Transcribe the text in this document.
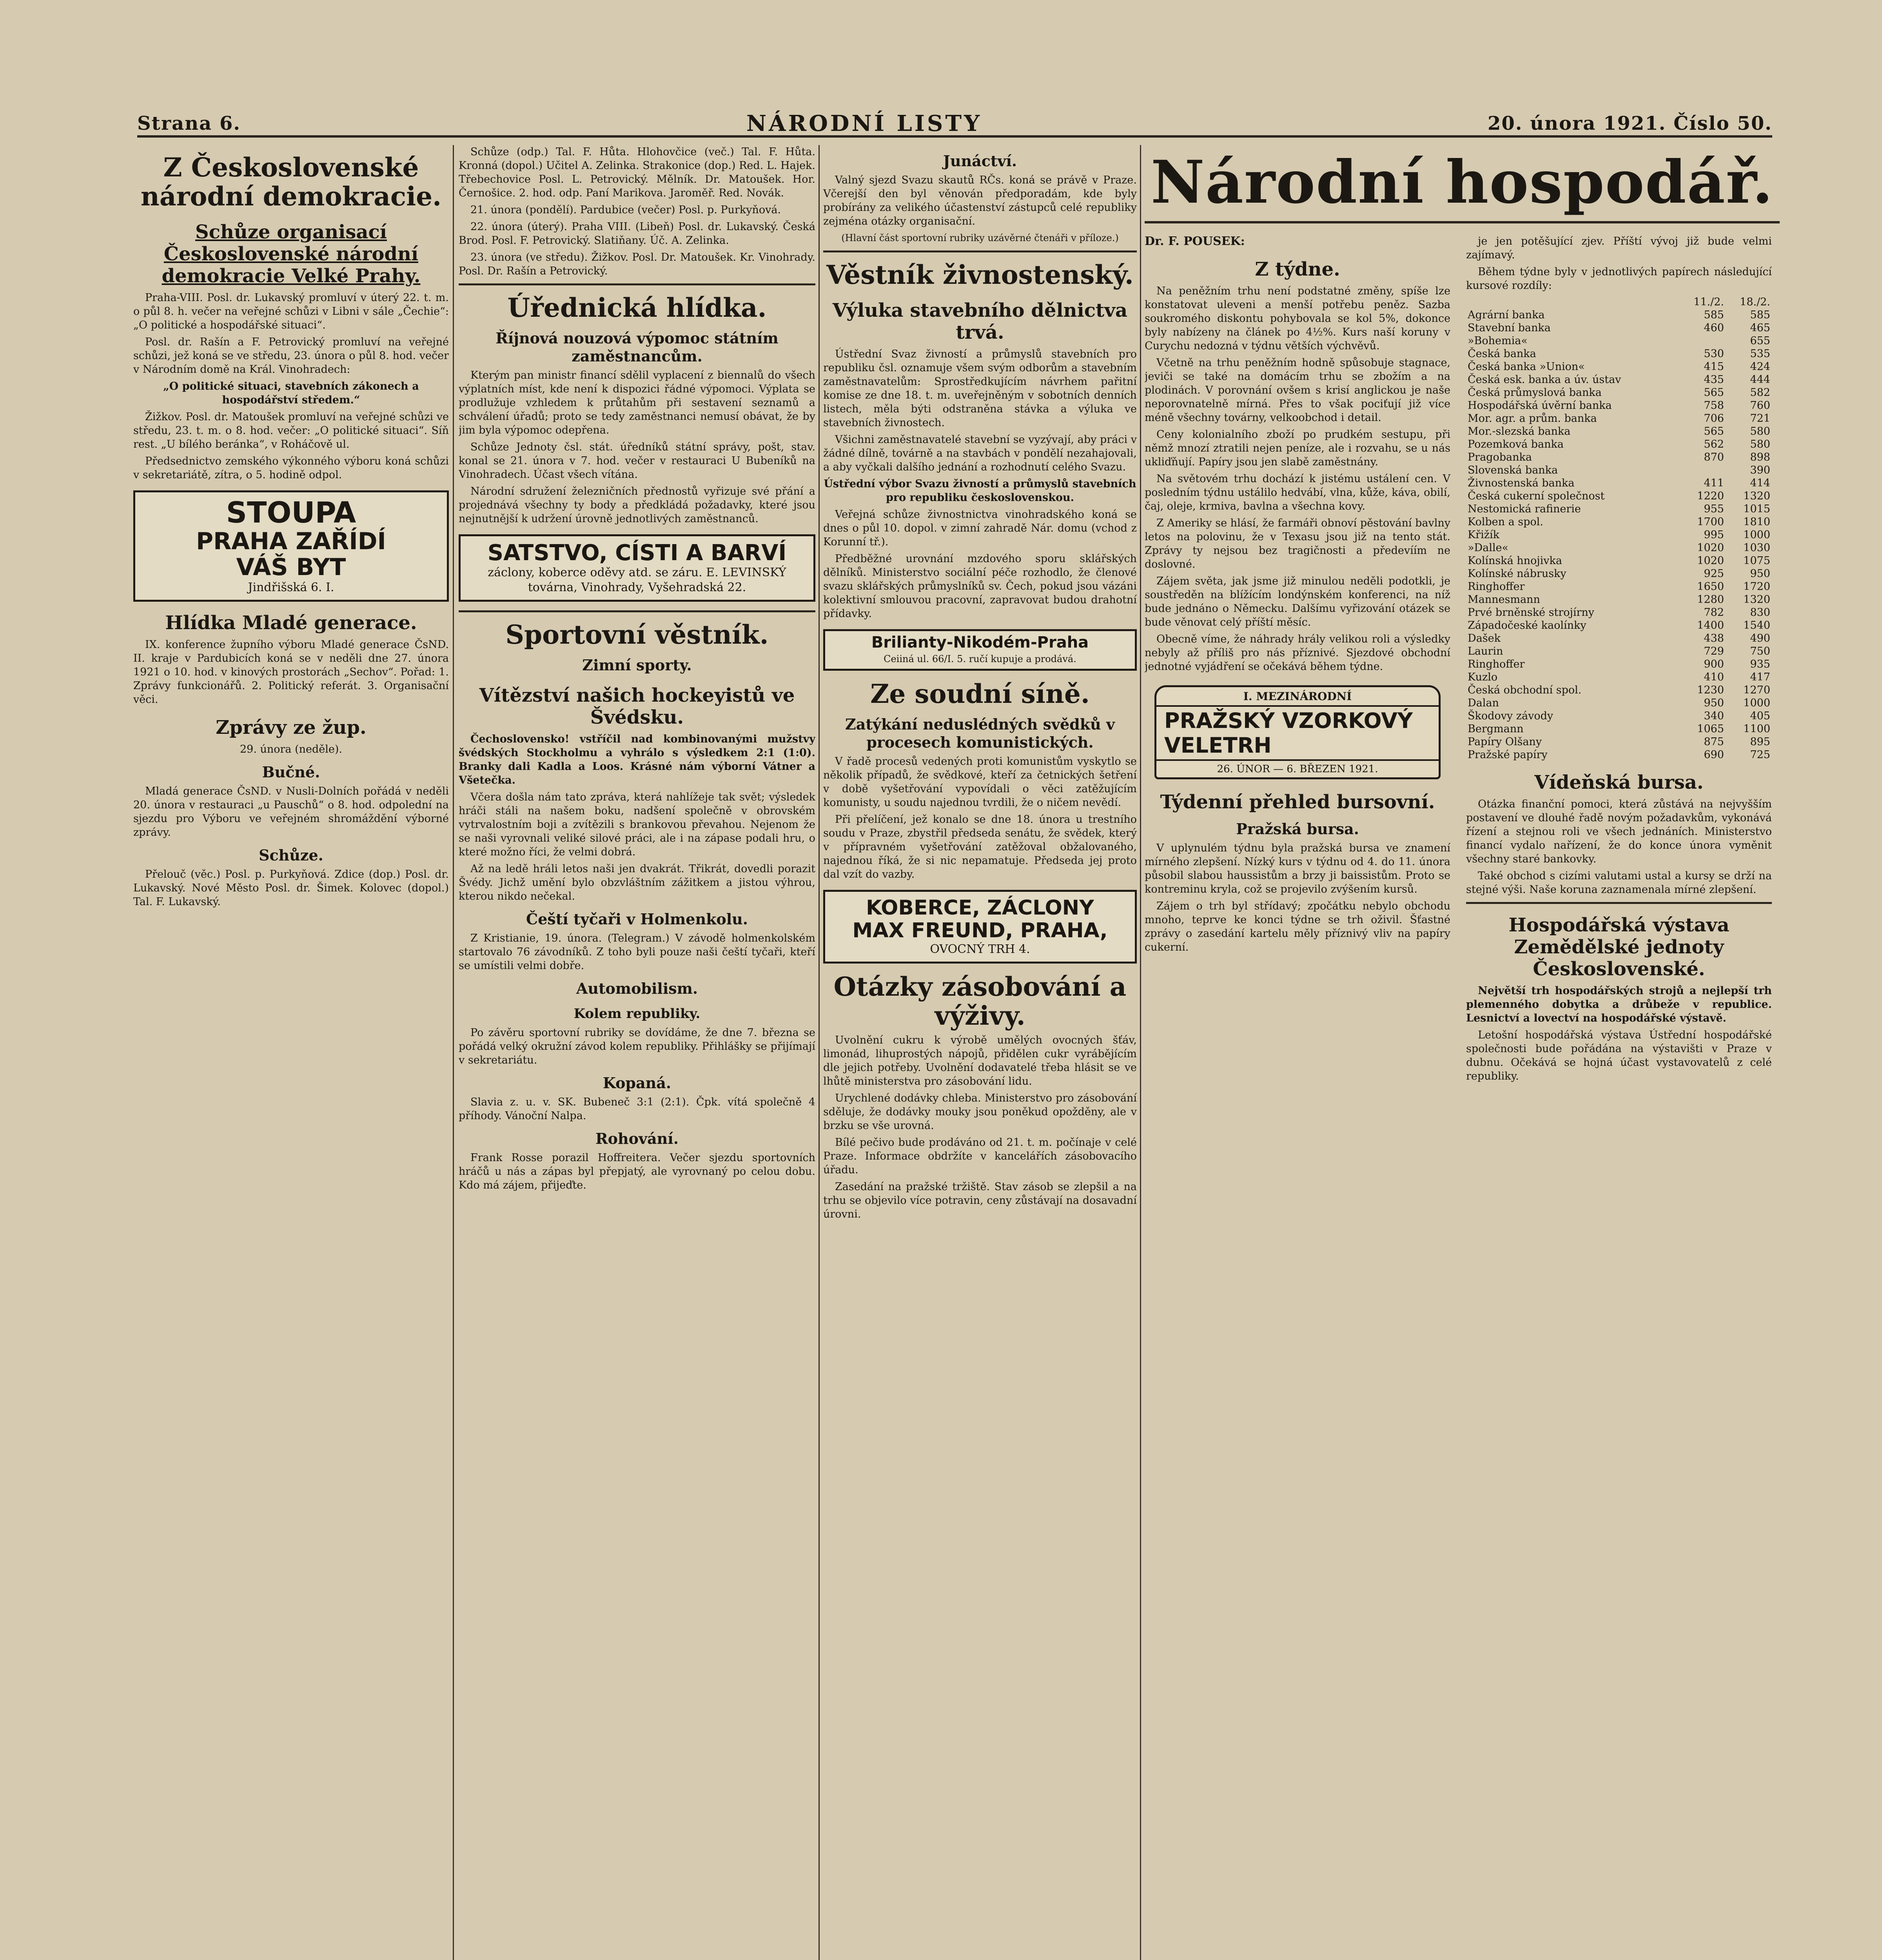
Strana 6.	NÁRODNÍ LISTY	20. února 1921. Číslo 50.
Z Československé národní demokracie.
Schůze organisací Československé národní demokracie Velké Prahy.

Praha-VIII. Posl. dr. Lukavský promluví v úterý 22. t. m. o půl 8. h. večer na veřejné schůzi v Libni v sále „Čechie“: „O politické a hospodářské situaci“.

Posl. dr. Rašín a F. Petrovický promluví na veřejné schůzi, jež koná se ve středu, 23. února o půl 8. hod. večer v Národním domě na Král. Vinohradech:

„O politické situaci, stavebních zákonech a hospodářství středem.“

Žižkov. Posl. dr. Matoušek promluví na veřejné schůzi ve středu, 23. t. m. o 8. hod. večer: „O politické situaci“. Síň rest. „U bílého beránka“, v Roháčově ul.

Předsednictvo zemského výkonného výboru koná schůzi v sekretariátě, zítra, o 5. hodině odpol.

STOUPA
PRAHA ZAŘÍDÍ
VÁŠ BYT
Jindřišská 6. I.
Hlídka Mladé generace.

IX. konference župního výboru Mladé generace ČsND. II. kraje v Pardubicích koná se v neděli dne 27. února 1921 o 10. hod. v kinových prostorách „Sechov“. Pořad: 1. Zprávy funkcionářů. 2. Politický referát. 3. Organisační věci.

Zprávy ze žup.

29. února (neděle).

Bučné.

Mladá generace ČsND. v Nusli-Dolních pořádá v neděli 20. února v restauraci „u Pauschů“ o 8. hod. odpolední na sjezdu pro Výboru ve veřejném shromáždění výborné zprávy.

Schůze.

Přelouč (věc.) Posl. p. Purkyňová. Zdice (dop.) Posl. dr. Lukavský. Nové Město Posl. dr. Šimek. Kolovec (dopol.) Tal. F. Lukavský.

Schůze (odp.) Tal. F. Hůta. Hlohovčice (več.) Tal. F. Hůta. Kronná (dopol.) Učitel A. Zelinka. Strakonice (dop.) Red. L. Hajek. Třebechovice Posl. L. Petrovický. Mělník. Dr. Matoušek. Hor. Černošice. 2. hod. odp. Paní Marikova. Jaroměř. Red. Novák.

21. února (pondělí). Pardubice (večer) Posl. p. Purkyňová.

22. února (úterý). Praha VIII. (Libeň) Posl. dr. Lukavský. Česká Brod. Posl. F. Petrovický. Slatiňany. Úč. A. Zelinka.

23. února (ve středu). Žižkov. Posl. Dr. Matoušek. Kr. Vinohrady. Posl. Dr. Rašín a Petrovický.

Úřednická hlídka.
Říjnová nouzová výpomoc státním zaměstnancům.

Kterým pan ministr financí sdělil vyplacení z biennalů do všech výplatních míst, kde není k dispozici řádné výpomoci. Výplata se prodlužuje vzhledem k průtahům při sestavení seznamů a schválení úřadů; proto se tedy zaměstnanci nemusí obávat, že by jim byla výpomoc odepřena.

Schůze Jednoty čsl. stát. úředníků státní správy, pošt, stav. konal se 21. února v 7. hod. večer v restauraci U Bubeníků na Vinohradech. Účast všech vítána.

Národní sdružení železničních přednostů vyřizuje své přání a projednává všechny ty body a předkládá požadavky, které jsou nejnutnější k udržení úrovně jednotlivých zaměstnanců.

SATSTVO, CÍSTI A BARVÍ
záclony, koberce oděvy atd. se záru. E. LEVINSKÝ
továrna, Vinohrady, Vyšehradská 22.
Sportovní věstník.
Zimní sporty.
Vítězství našich hockeyistů ve Švédsku.

Čechoslovensko! vstříčil nad kombinovanými mužstvy švédských Stockholmu a vyhrálo s výsledkem 2:1 (1:0). Branky dali Kadla a Loos. Krásné nám výborní Vátner a Všetečka.

Včera došla nám tato zpráva, která nahlížeje tak svět; výsledek hráči stáli na našem boku, nadšení společně v obrovském vytrvalostním boji a zvítězili s brankovou převahou. Nejenom že se naši vyrovnali veliké silové práci, ale i na zápase podali hru, o které možno říci, že velmi dobrá.

Až na ledě hráli letos naši jen dvakrát. Třikrát, dovedli porazit Švédy. Jichž umění bylo obzvláštním zážitkem a jistou výhrou, kterou nikdo nečekal.

Čeští tyčaři v Holmenkolu.

Z Kristianie, 19. února. (Telegram.) V závodě holmenkolském startovalo 76 závodníků. Z toho byli pouze naši čeští tyčaři, kteří se umístili velmi dobře.

Automobilism.
Kolem republiky.

Po závěru sportovní rubriky se dovídáme, že dne 7. března se pořádá velký okružní závod kolem republiky. Přihlášky se přijímají v sekretariátu.

Kopaná.

Slavia z. u. v. SK. Bubeneč 3:1 (2:1). Čpk. vítá společně 4 příhody. Vánoční Nalpa.

Rohování.

Frank Rosse porazil Hoffreitera. Večer sjezdu sportovních hráčů u nás a zápas byl přepjatý, ale vyrovnaný po celou dobu. Kdo má zájem, přijeďte.

Junáctví.

Valný sjezd Svazu skautů RČs. koná se právě v Praze. Včerejší den byl věnován předporadám, kde byly probírány za velikého účastenství zástupců celé republiky zejména otázky organisační.

(Hlavní část sportovní rubriky uzávěrné čtenáři v příloze.)

Věstník živnostenský.
Výluka stavebního dělnictva trvá.

Ústřední Svaz živností a průmyslů stavebních pro republiku čsl. oznamuje všem svým odborům a stavebním zaměstnavatelům: Sprostředkujícím návrhem pařitní komise ze dne 18. t. m. uveřejněným v sobotních denních listech, měla býti odstraněna stávka a výluka ve stavebních živnostech.

Všichni zaměstnavatelé stavební se vyzývají, aby práci v žádné dílně, továrně a na stavbách v pondělí nezahajovali, a aby vyčkali dalšího jednání a rozhodnutí celého Svazu.

Ústřední výbor Svazu živností a průmyslů stavebních pro republiku československou.

Veřejná schůze živnostnictva vinohradského koná se dnes o půl 10. dopol. v zimní zahradě Nár. domu (vchod z Korunní tř.).

Předběžné urovnání mzdového sporu sklářských dělníků. Ministerstvo sociální péče rozhodlo, že členové svazu sklářských průmyslníků sv. Čech, pokud jsou vázáni kolektivní smlouvou pracovní, zapravovat budou drahotní přídavky.

Brilianty-Nikodém-Praha
Ceiiná ul. 66/I. 5. ručí kupuje a prodává.
Ze soudní síně.
Zatýkání neduslédných svědků v procesech komunistických.

V řadě procesů vedených proti komunistům vyskytlo se několik případů, že svědkové, kteří za četnických šetření v době vyšetřování vypovídali o věci zatěžujícím komunisty, u soudu najednou tvrdili, že o ničem nevědí.

Při přelíčení, jež konalo se dne 18. února u trestního soudu v Praze, zbystřil předseda senátu, že svědek, který v přípravném vyšetřování zatěžoval obžalovaného, najednou říká, že si nic nepamatuje. Předseda jej proto dal vzít do vazby.

KOBERCE, ZÁCLONY
MAX FREUND, PRAHA,
OVOCNÝ TRH 4.
Otázky zásobování a výživy.

Uvolnění cukru k výrobě umělých ovocných šťáv, limonád, lihuprostých nápojů, přidělen cukr vyrábějícím dle jejich potřeby. Uvolnění dodavatelé třeba hlásit se ve lhůtě ministerstva pro zásobování lidu.

Urychlené dodávky chleba. Ministerstvo pro zásobování sděluje, že dodávky mouky jsou poněkud opožděny, ale v brzku se vše urovná.

Bílé pečivo bude prodáváno od 21. t. m. počínaje v celé Praze. Informace obdržíte v kancelářích zásobovacího úřadu.

Zasedání na pražské tržiště. Stav zásob se zlepšil a na trhu se objevilo více potravin, ceny zůstávají na dosavadní úrovni.

Národní hospodář.
Dr. F. POUSEK:
Z týdne.

Na peněžním trhu není podstatné změny, spíše lze konstatovat uleveni a menší potřebu peněz. Sazba soukromého diskontu pohybovala se kol 5%, dokonce byly nabízeny na článek po 4½%. Kurs naší koruny v Curychu nedozná v týdnu větších výchvěvů.

Včetně na trhu peněžním hodně spůsobuje stagnace, jeviči se také na domácím trhu se zbožím a na plodinách. V porovnání ovšem s krisí anglickou je naše neporovnatelně mírná. Přes to však pociťují již více méně všechny továrny, velkoobchod i detail.

Ceny kolonialního zboží po prudkém sestupu, při němž mnozí ztratili nejen peníze, ale i rozvahu, se u nás ukliďňují. Papíry jsou jen slabě zaměstnány.

Na světovém trhu dochází k jistému ustálení cen. V posledním týdnu ustálilo hedvábí, vlna, kůže, káva, obilí, čaj, oleje, krmiva, bavlna a všechna kovy.

Z Ameriky se hlásí, že farmáři obnoví pěstování bavlny letos na polovinu, že v Texasu jsou již na tento stát. Zprávy ty nejsou bez tragičnosti a předevíím ne doslovné.

Zájem světa, jak jsme již minulou neděli podotkli, je soustředěn na blížícím londýnském konferenci, na níž bude jednáno o Německu. Dalšímu vyřizování otázek se bude věnovat celý příští měsíc.

Obecně víme, že náhrady hrály velikou roli a výsledky nebyly až příliš pro nás příznivé. Sjezdové obchodní jednotné vyjádření se očekává během týdne.

I. MEZINÁRODNÍ
PRAŽSKÝ VZORKOVÝ VELETRH
26. ÚNOR — 6. BŘEZEN 1921.
Týdenní přehled bursovní.
Pražská bursa.

V uplynulém týdnu byla pražská bursa ve znamení mírného zlepšení. Nízký kurs v týdnu od 4. do 11. února působil slabou haussistům a brzy ji baissistům. Proto se kontreminu kryla, což se projevilo zvýšením kursů.

Zájem o trh byl střídavý; zpočátku nebylo obchodu mnoho, teprve ke konci týdne se trh oživil. Šťastné zprávy o zasedání kartelu měly příznivý vliv na papíry cukerní.

je jen potěšující zjev. Příští vývoj již bude velmi zajímavý.

Během týdne byly v jednotlivých papírech následující kursové rozdíly:

	11./2.	18./2.
Agrární banka	585	585
Stavební banka	460	465
»Bohemia«		655
Česká banka	530	535
Česká banka »Union«	415	424
Česká esk. banka a úv. ústav	435	444
Česká průmyslová banka	565	582
Hospodářská úvěrní banka	758	760
Mor. agr. a prům. banka	706	721
Mor.-slezská banka	565	580
Pozemková banka	562	580
Pragobanka	870	898
Slovenská banka		390
Živnostenská banka	411	414
Česká cukerní společnost	1220	1320
Nestomická rafinerie	955	1015
Kolben a spol.	1700	1810
Křižík	995	1000
»Dalle«	1020	1030
Kolínská hnojivka	1020	1075
Kolínské nábrusky	925	950
Ringhoffer	1650	1720
Mannesmann	1280	1320
Prvé brněnské strojírny	782	830
Západočeské kaolínky	1400	1540
Dašek	438	490
Laurin	729	750
Ringhoffer	900	935
Kuzlo	410	417
Česká obchodní spol.	1230	1270
Dalan	950	1000
Škodovy závody	340	405
Bergmann	1065	1100
Papíry Olšany	875	895
Pražské papíry	690	725
Vídeňská bursa.

Otázka finanční pomoci, která zůstává na nejvyšším postavení ve dlouhé řadě novým požadavkům, vykonává řízení a stejnou roli ve všech jednáních. Ministerstvo financí vydalo nařízení, že do konce února vyměnit všechny staré bankovky.

Také obchod s cizími valutami ustal a kursy se drží na stejné výši. Naše koruna zaznamenala mírné zlepšení.

Hospodářská výstava Zemědělské jednoty Československé.

Největší trh hospodářských strojů a nejlepší trh plemenného dobytka a drůbeže v republice. Lesnictví a lovectví na hospodářské výstavě.

Letošní hospodářská výstava Ústřední hospodářské společnosti bude pořádána na výstavišti v Praze v dubnu. Očekává se hojná účast vystavovatelů z celé republiky.
